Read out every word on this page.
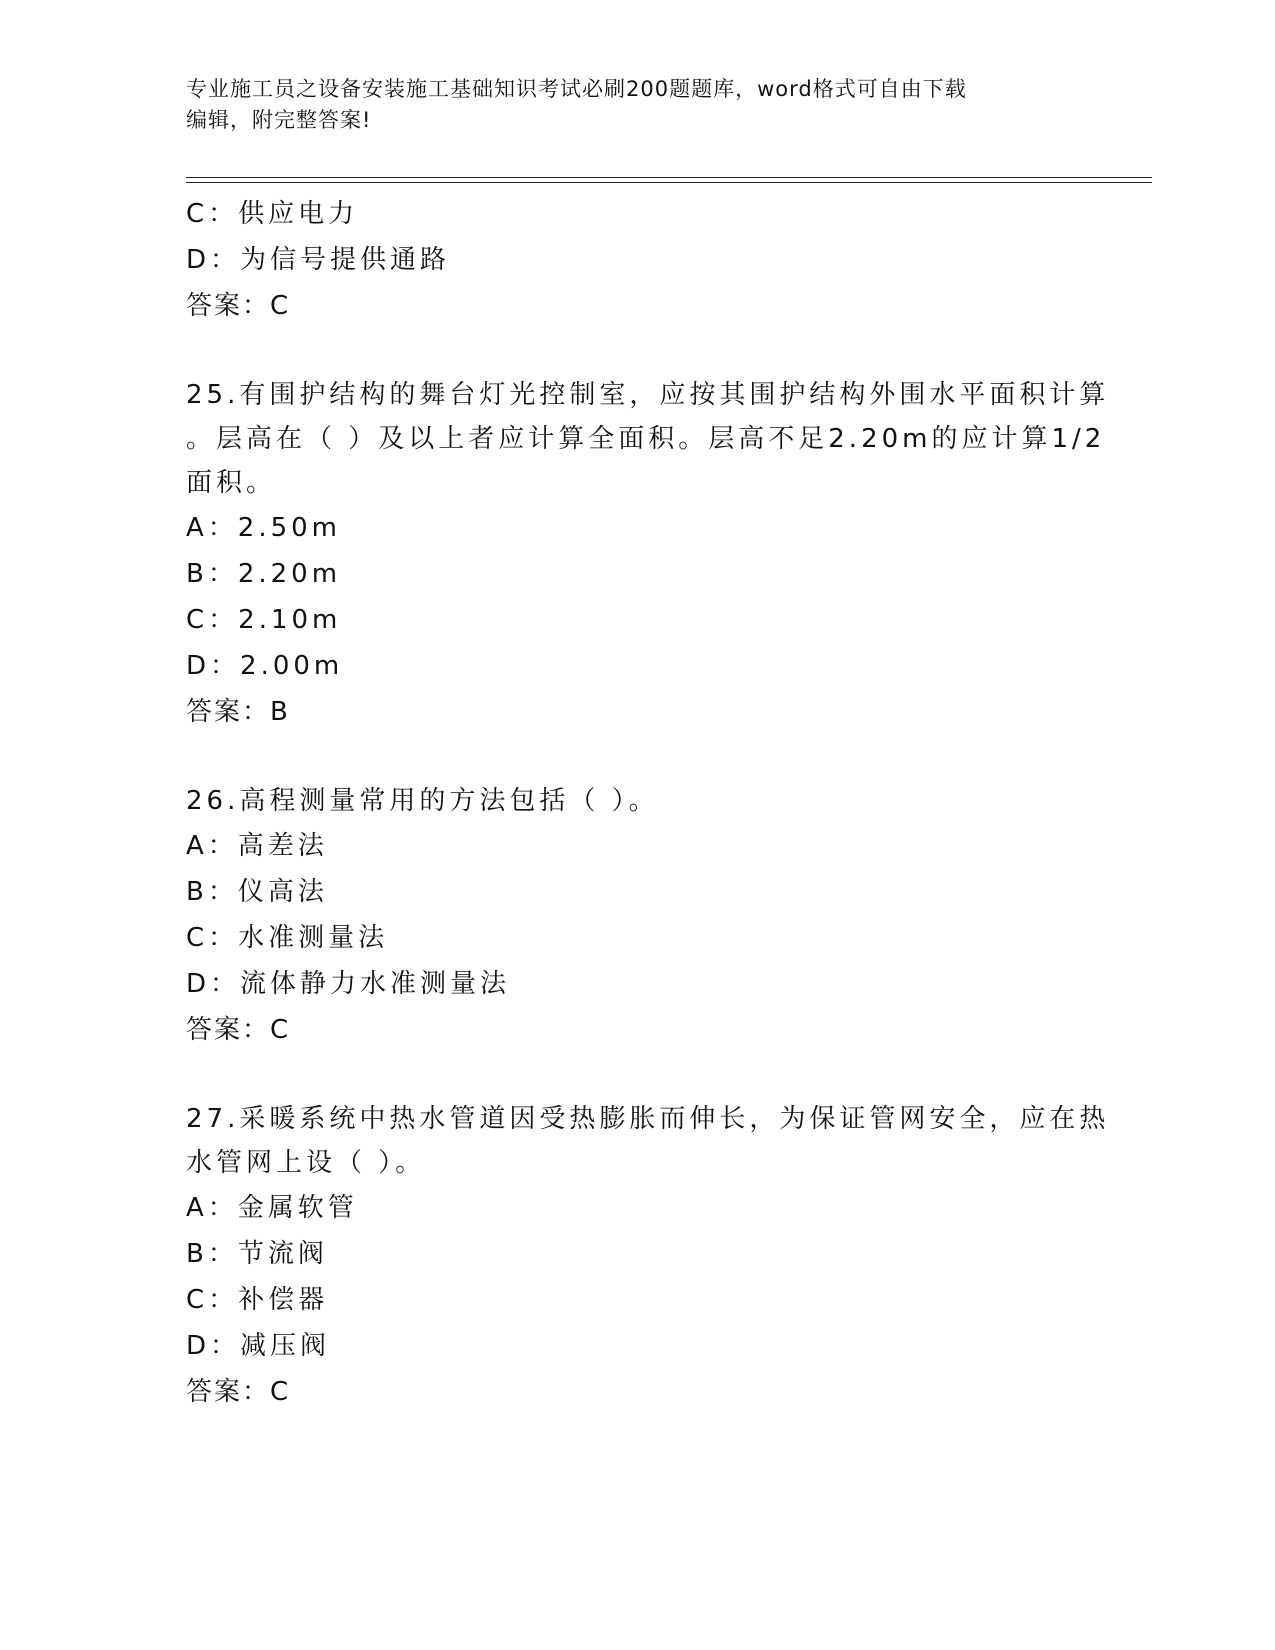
专业施工员之设备安装施工基础知识考试必刷200题题库，word格式可自由下载
编辑，附完整答案!
C：供应电力
D：为信号提供通路
答案：C
25.有围护结构的舞台灯光控制室，应按其围护结构外围水平面积计算
。层高在（ ）及以上者应计算全面积。层高不足2.20m的应计算1/2
面积。
A：2.50m
B：2.20m
C：2.10m
D：2.00m
答案：B
26.高程测量常用的方法包括（ ）。
A：高差法
B：仪高法
C：水准测量法
D：流体静力水准测量法
答案：C
27.采暖系统中热水管道因受热膨胀而伸长，为保证管网安全，应在热
水管网上设（ ）。
A：金属软管
B：节流阀
C：补偿器
D：减压阀
答案：C
